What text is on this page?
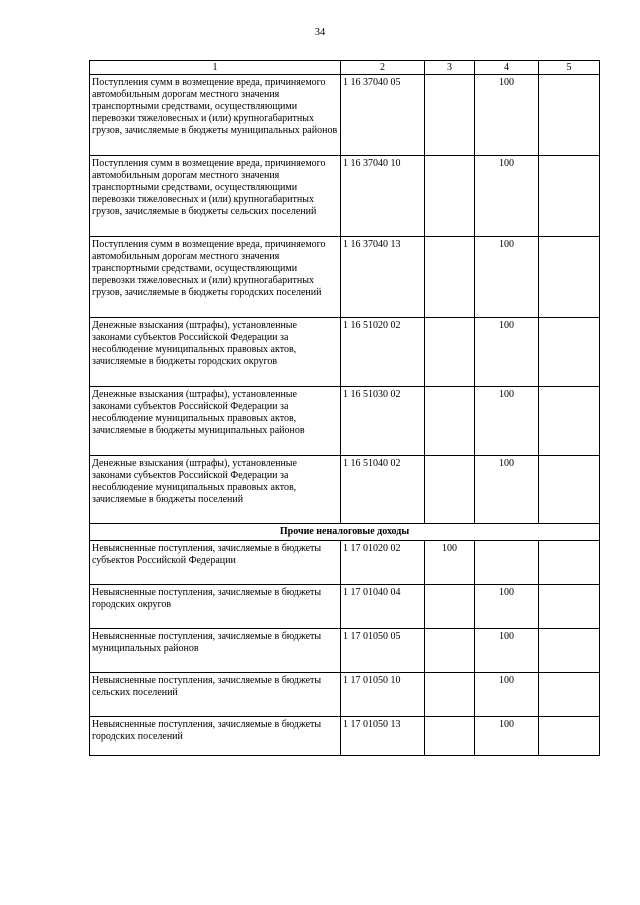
34
1	2	3	4	5
Поступления сумм в возмещение вреда, причиняемого автомобильным дорогам местного значения транспортными средствами, осуществляющими перевозки тяжеловесных и (или) крупногабаритных грузов, зачисляемые в бюджеты муниципальных районов	1 16 37040 05		100	
Поступления сумм в возмещение вреда, причиняемого автомобильным дорогам местного значения транспортными средствами, осуществляющими перевозки тяжеловесных и (или) крупногабаритных грузов, зачисляемые в бюджеты сельских поселений	1 16 37040 10		100	
Поступления сумм в возмещение вреда, причиняемого автомобильным дорогам местного значения транспортными средствами, осуществляющими перевозки тяжеловесных и (или) крупногабаритных грузов, зачисляемые в бюджеты городских поселений	1 16 37040 13		100	
Денежные взыскания (штрафы), установленные законами субъектов Российской Федерации за несоблюдение муниципальных правовых актов, зачисляемые в бюджеты городских округов	1 16 51020 02		100	
Денежные взыскания (штрафы), установленные законами субъектов Российской Федерации за несоблюдение муниципальных правовых актов, зачисляемые в бюджеты муниципальных районов	1 16 51030 02		100	
Денежные взыскания (штрафы), установленные законами субъектов Российской Федерации за несоблюдение муниципальных правовых актов, зачисляемые в бюджеты поселений	1 16 51040 02		100	
Прочие неналоговые доходы				
Невыясненные поступления, зачисляемые в бюджеты субъектов Российской Федерации	1 17 01020 02	100		
Невыясненные поступления, зачисляемые в бюджеты городских округов	1 17 01040 04		100	
Невыясненные поступления, зачисляемые в бюджеты муниципальных районов	1 17 01050 05		100	
Невыясненные поступления, зачисляемые в бюджеты сельских поселений	1 17 01050 10		100	
Невыясненные поступления, зачисляемые в бюджеты городских поселений	1 17 01050 13		100	
